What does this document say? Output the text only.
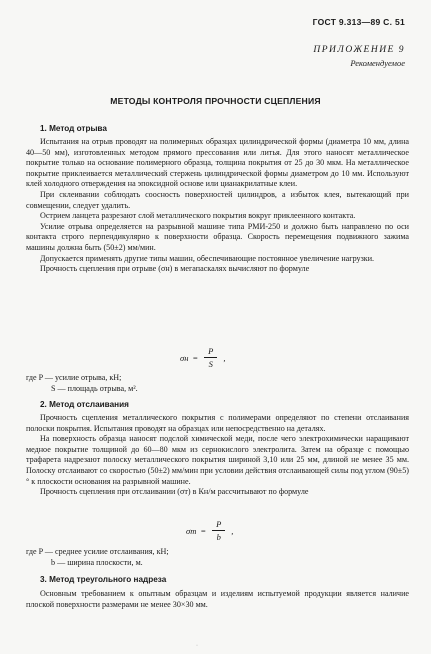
ГОСТ 9.313—89 С. 51
ПРИЛОЖЕНИЕ 9
Рекомендуемое
МЕТОДЫ КОНТРОЛЯ ПРОЧНОСТИ СЦЕПЛЕНИЯ
1. Метод отрыва

Испытания на отрыв проводят на полимерных образцах цилиндрической формы (диаметра 10 мм, длина 40—50 мм), изготовленных методом прямого прессования или литья. Для этого наносят металлическое покрытие только на основание полимерного образца, толщина покрытия от 25 до 30 мкм. На металлическое покрытие приклеивается металлический стержень цилиндрической формы диаметром до 10 мм. Используют клей холодного отверждения на эпоксидной основе или цианакрилатные клеи.

При склеивании соблюдать соосность поверхностей цилиндров, а избыток клея, вытекающий при совмещении, следует удалить.

Острием ланцета разрезают слой металлического покрытия вокруг приклеенного контакта.

Усилие отрыва определяется на разрывной машине типа РМИ-250 и должно быть направлено по оси контакта строго перпендикулярно к поверхности образца. Скорость перемещения подвижного зажима машины должна быть (50±2) мм/мин.

Допускается применять другие типы машин, обеспечивающие постоянное увеличение нагрузки.

Прочность сцепления при отрыве (σн) в мегапаскалях вычисляют по формуле

$\sigma н = \frac{P}{S}$ ,
где P — усилие отрыва, кН;
S — площадь отрыва, м².
2. Метод отслаивания

Прочность сцепления металлического покрытия с полимерами определяют по степени отслаивания полоски покрытия. Испытания проводят на образцах или непосредственно на деталях.

На поверхность образца наносят подслой химической меди, после чего электрохимически наращивают медное покрытие толщиной до 60—80 мкм из сернокислого электролита. Затем на образце с помощью трафарета надрезают полоску металлического покрытия шириной 3,10 или 25 мм, длиной не менее 35 мм. Полоску отслаивают со скоростью (50±2) мм/мин при условии действия отслаивающей силы под углом (90±5)° к плоскости основания на разрывной машине.

Прочность сцепления при отслаивании (σт) в Кн/м рассчитывают по формуле

$\sigma т = \frac{P}{b}$ ,
где P — среднее усилие отслаивания, кН;
b — ширина плоскости, м.
3. Метод треугольного надреза

Основным требованием к опытным образцам и изделиям испытуемой продукции является наличие плоской поверхности размерами не менее 30×30 мм.

·
